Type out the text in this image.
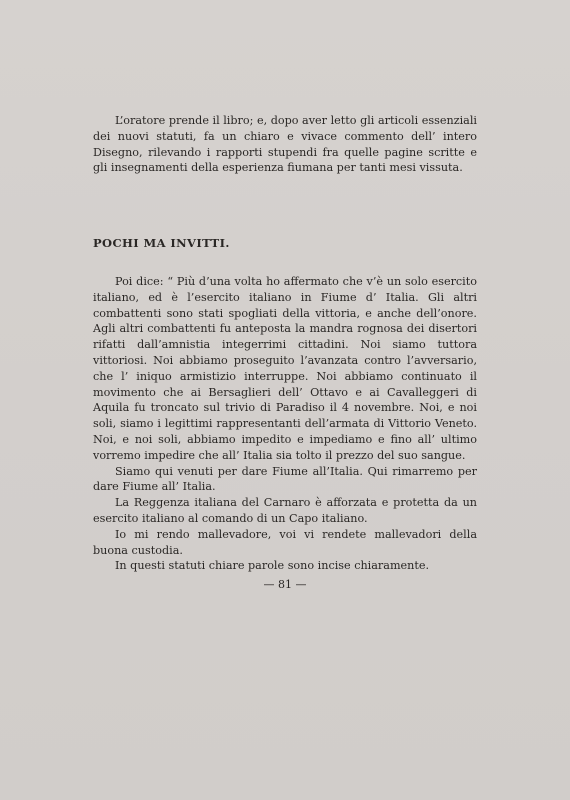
L’oratore prende il libro; e, dopo aver letto gli articoli essenziali dei nuovi statuti, fa un chiaro e vivace commento dell’ intero Disegno, rilevando i rapporti stupendi fra quelle pagine scritte e gli insegnamenti della esperienza fiumana per tanti mesi vissuta.

POCHI MA INVITTI.

Poi dice: “ Più d’una volta ho affermato che v’è un solo esercito italiano, ed è l’esercito italiano in Fiume d’ Italia. Gli altri combattenti sono stati spogliati della vittoria, e anche dell’onore. Agli altri combattenti fu anteposta la mandra rognosa dei disertori rifatti dall’amnistia integerrimi cittadini. Noi siamo tuttora vittoriosi. Noi abbiamo proseguito l’avanzata contro l’avversario, che l’ iniquo armistizio interruppe. Noi abbiamo continuato il movimento che ai Bersaglieri dell’ Ottavo e ai Cavalleggeri di Aquila fu troncato sul trivio di Paradiso il 4 novembre. Noi, e noi soli, siamo i legittimi rappresentanti dell’armata di Vittorio Veneto. Noi, e noi soli, abbiamo impedito e impediamo e fino all’ ultimo vorremo impedire che all’ Italia sia tolto il prezzo del suo sangue.

Siamo qui venuti per dare Fiume all’Italia. Qui rimarremo per dare Fiume all’ Italia.

La Reggenza italiana del Carnaro è afforzata e protetta da un esercito italiano al comando di un Capo italiano.

Io mi rendo mallevadore, voi vi rendete mallevadori della buona custodia.

In questi statuti chiare parole sono incise chiaramente.

— 81 —
